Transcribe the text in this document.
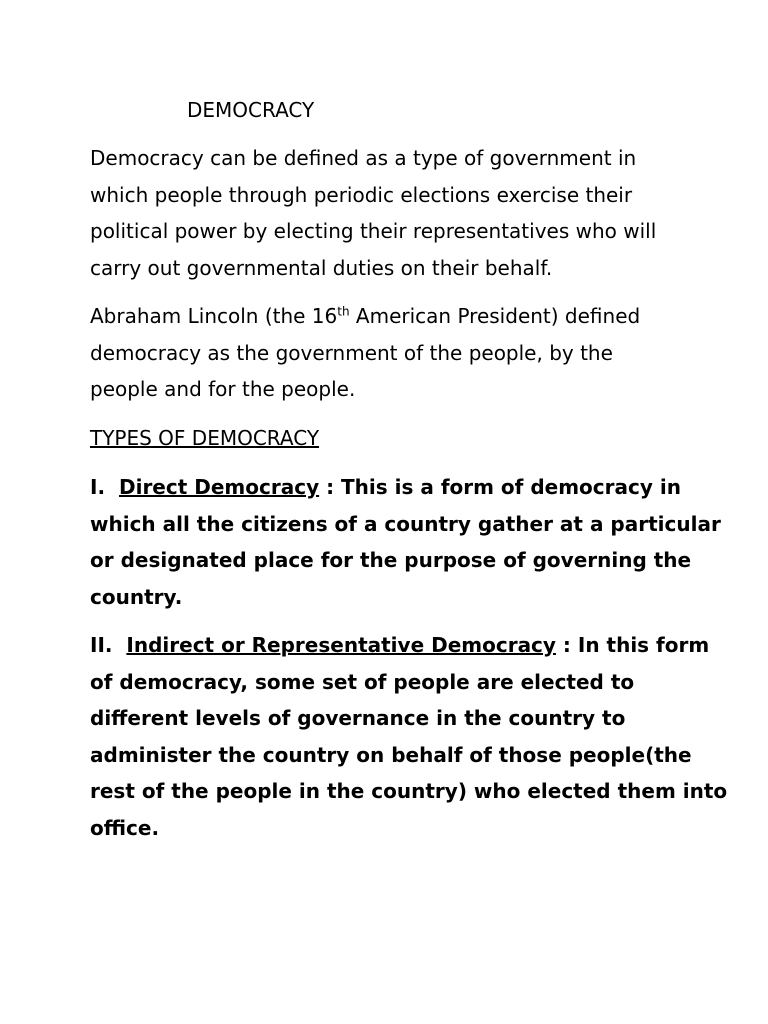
DEMOCRACY
Democracy can be defined as a type of government in
which people through periodic elections exercise their
political power by electing their representatives who will
carry out governmental duties on their behalf.
Abraham Lincoln (the 16th American President) defined
democracy as the government of the people, by the
people and for the people.
TYPES OF DEMOCRACY
I. Direct Democracy : This is a form of democracy in
which all the citizens of a country gather at a particular
or designated place for the purpose of governing the
country.
II. Indirect or Representative Democracy : In this form
of democracy, some set of people are elected to
different levels of governance in the country to
administer the country on behalf of those people(the
rest of the people in the country) who elected them into
office.
